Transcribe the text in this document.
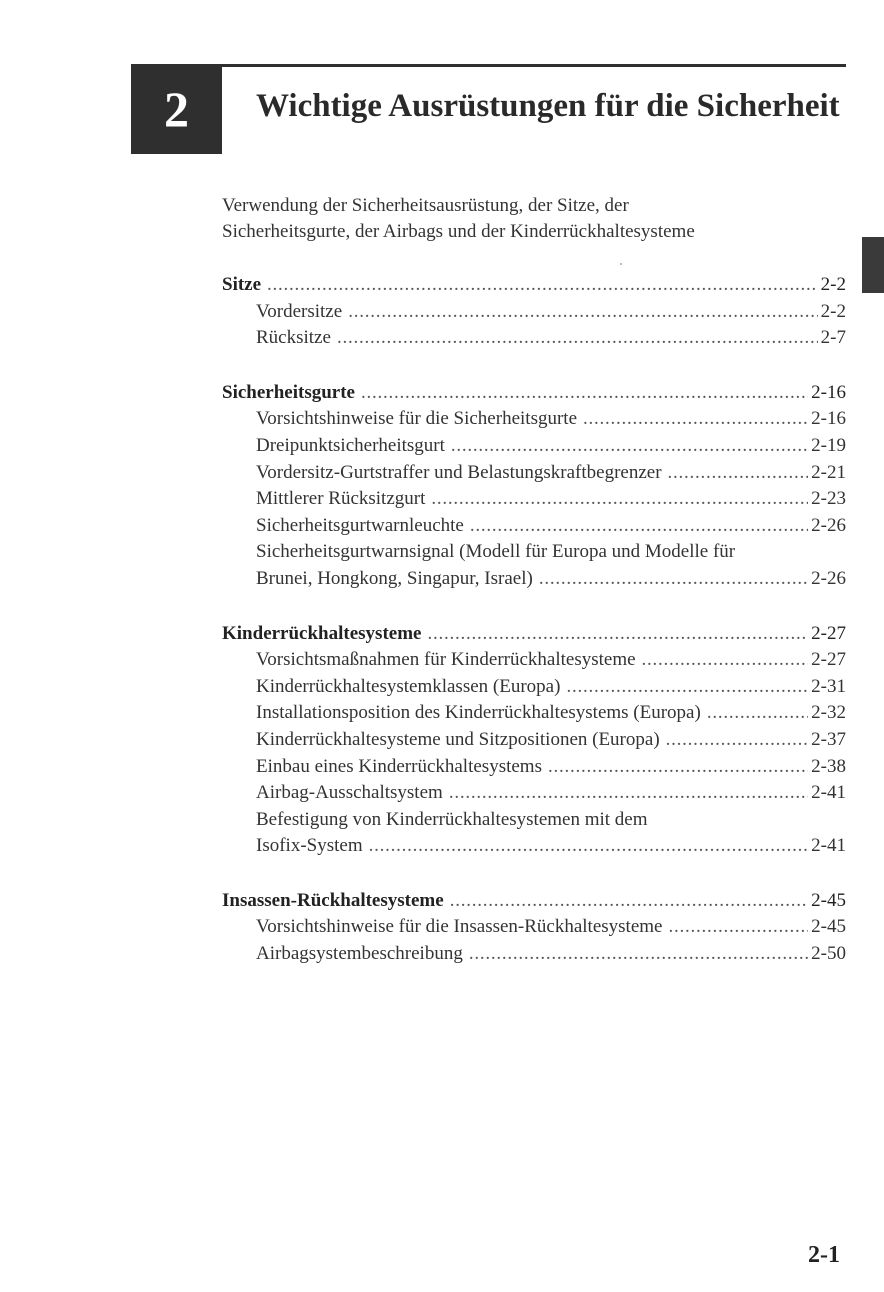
2 Wichtige Ausrüstungen für die Sicherheit
Verwendung der Sicherheitsausrüstung, der Sitze, der
Sicherheitsgurte, der Airbags und der Kinderrückhaltesysteme
Sitze . . .	2-2
Vordersitze . . .	2-2
Rücksitze . . .	2-7
Sicherheitsgurte . . .	2-16
Vorsichtshinweise für die Sicherheitsgurte . . .	2-16
Dreipunktsicherheitsgurt . . .	2-19
Vordersitz-Gurtstraffer und Belastungskraftbegrenzer . . .	2-21
Mittlerer Rücksitzgurt . . .	2-23
Sicherheitsgurtwarnleuchte . . .	2-26
Sicherheitsgurtwarnsignal (Modell für Europa und Modelle für
Brunei, Hongkong, Singapur, Israel) . . .	2-26
Kinderrückhaltesysteme . . .	2-27
Vorsichtsmaßnahmen für Kinderrückhaltesysteme . . .	2-27
Kinderrückhaltesystemklassen (Europa) . . .	2-31
Installationsposition des Kinderrückhaltesystems (Europa) . . .	2-32
Kinderrückhaltesysteme und Sitzpositionen (Europa) . . .	2-37
Einbau eines Kinderrückhaltesystems . . .	2-38
Airbag-Ausschaltsystem . . .	2-41
Befestigung von Kinderrückhaltesystemen mit dem
Isofix-System . . .	2-41
Insassen-Rückhaltesysteme . . .	2-45
Vorsichtshinweise für die Insassen-Rückhaltesysteme . . .	2-45
Airbagsystembeschreibung . . .	2-50
2-1
